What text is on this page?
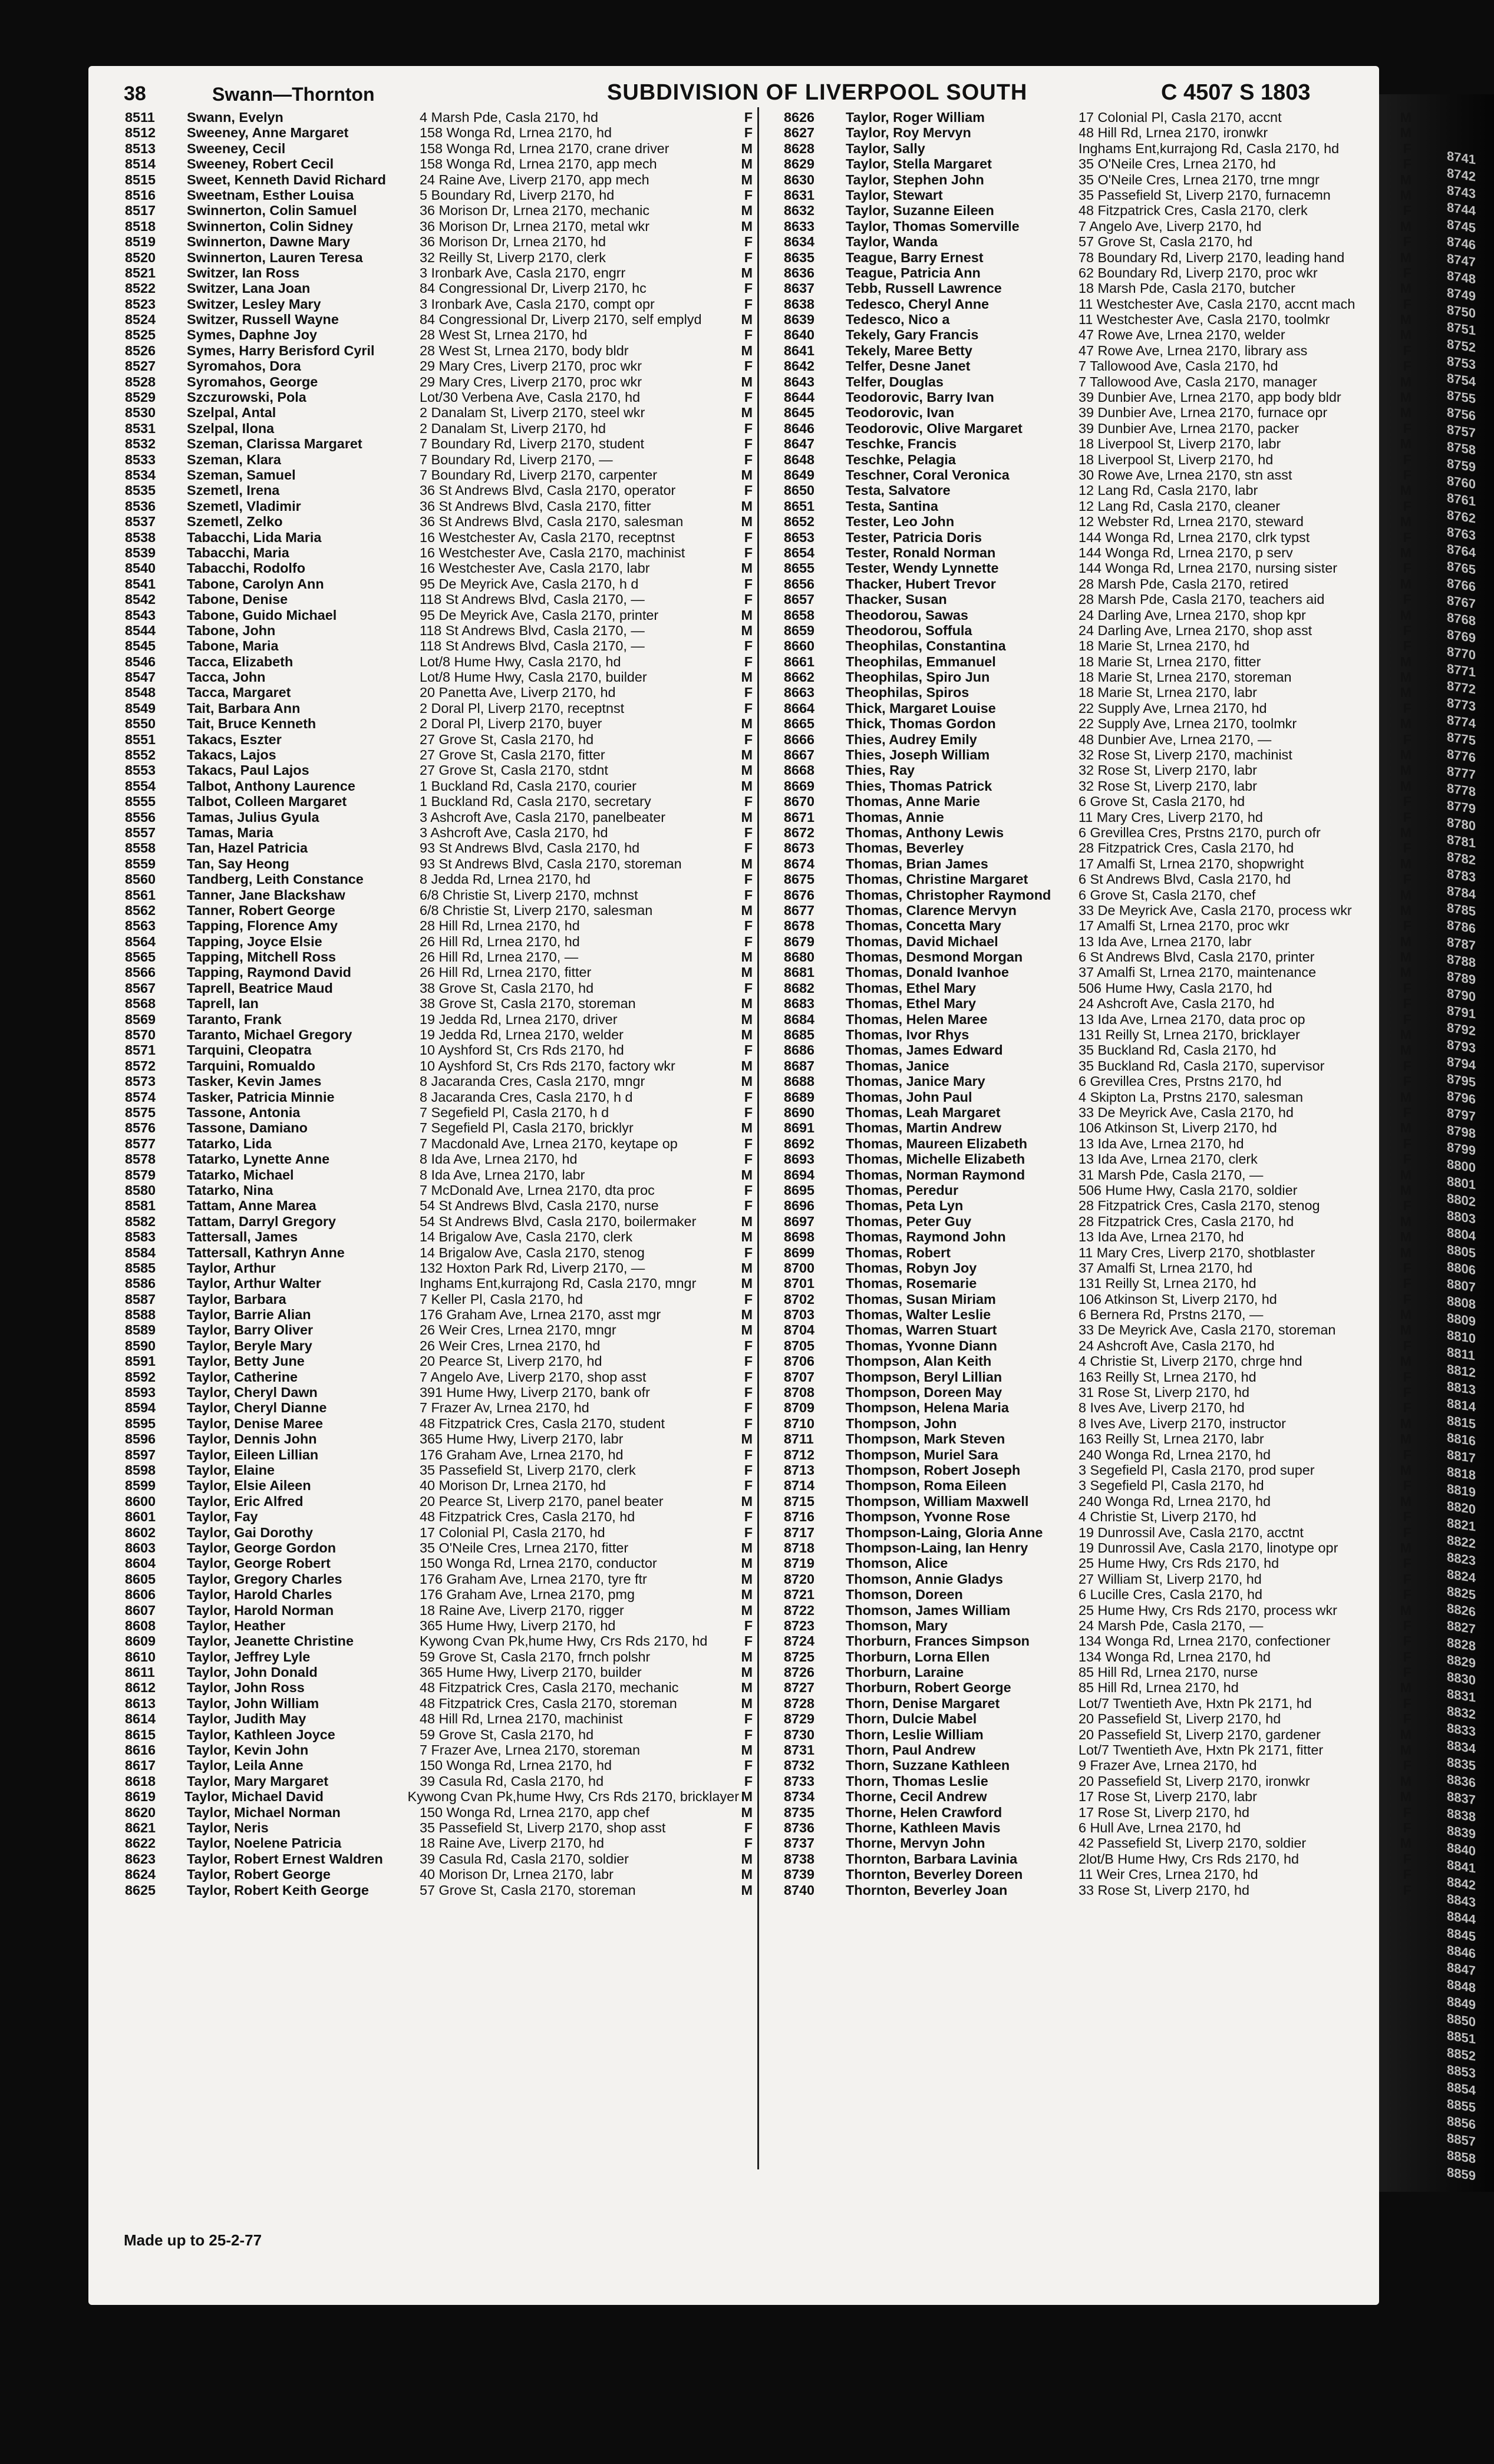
8741
8742
8743
8744
8745
8746
8747
8748
8749
8750
8751
8752
8753
8754
8755
8756
8757
8758
8759
8760
8761
8762
8763
8764
8765
8766
8767
8768
8769
8770
8771
8772
8773
8774
8775
8776
8777
8778
8779
8780
8781
8782
8783
8784
8785
8786
8787
8788
8789
8790
8791
8792
8793
8794
8795
8796
8797
8798
8799
8800
8801
8802
8803
8804
8805
8806
8807
8808
8809
8810
8811
8812
8813
8814
8815
8816
8817
8818
8819
8820
8821
8822
8823
8824
8825
8826
8827
8828
8829
8830
8831
8832
8833
8834
8835
8836
8837
8838
8839
8840
8841
8842
8843
8844
8845
8846
8847
8848
8849
8850
8851
8852
8853
8854
8855
8856
8857
8858
8859
38	Swann—Thornton	SUBDIVISION OF LIVERPOOL SOUTH	C 4507 S 1803
8511	Swann, Evelyn	4 Marsh Pde, Casla 2170, hd	F
8512	Sweeney, Anne Margaret	158 Wonga Rd, Lrnea 2170, hd	F
8513	Sweeney, Cecil	158 Wonga Rd, Lrnea 2170, crane driver	M
8514	Sweeney, Robert Cecil	158 Wonga Rd, Lrnea 2170, app mech	M
8515	Sweet, Kenneth David Richard	24 Raine Ave, Liverp 2170, app mech	M
8516	Sweetnam, Esther Louisa	5 Boundary Rd, Liverp 2170, hd	F
8517	Swinnerton, Colin Samuel	36 Morison Dr, Lrnea 2170, mechanic	M
8518	Swinnerton, Colin Sidney	36 Morison Dr, Lrnea 2170, metal wkr	M
8519	Swinnerton, Dawne Mary	36 Morison Dr, Lrnea 2170, hd	F
8520	Swinnerton, Lauren Teresa	32 Reilly St, Liverp 2170, clerk	F
8521	Switzer, Ian Ross	3 Ironbark Ave, Casla 2170, engrr	M
8522	Switzer, Lana Joan	84 Congressional Dr, Liverp 2170, hc	F
8523	Switzer, Lesley Mary	3 Ironbark Ave, Casla 2170, compt opr	F
8524	Switzer, Russell Wayne	84 Congressional Dr, Liverp 2170, self emplyd	M
8525	Symes, Daphne Joy	28 West St, Lrnea 2170, hd	F
8526	Symes, Harry Berisford Cyril	28 West St, Lrnea 2170, body bldr	M
8527	Syromahos, Dora	29 Mary Cres, Liverp 2170, proc wkr	F
8528	Syromahos, George	29 Mary Cres, Liverp 2170, proc wkr	M
8529	Szczurowski, Pola	Lot/30 Verbena Ave, Casla 2170, hd	F
8530	Szelpal, Antal	2 Danalam St, Liverp 2170, steel wkr	M
8531	Szelpal, Ilona	2 Danalam St, Liverp 2170, hd	F
8532	Szeman, Clarissa Margaret	7 Boundary Rd, Liverp 2170, student	F
8533	Szeman, Klara	7 Boundary Rd, Liverp 2170, —	F
8534	Szeman, Samuel	7 Boundary Rd, Liverp 2170, carpenter	M
8535	Szemetl, Irena	36 St Andrews Blvd, Casla 2170, operator	F
8536	Szemetl, Vladimir	36 St Andrews Blvd, Casla 2170, fitter	M
8537	Szemetl, Zelko	36 St Andrews Blvd, Casla 2170, salesman	M
8538	Tabacchi, Lida Maria	16 Westchester Av, Casla 2170, receptnst	F
8539	Tabacchi, Maria	16 Westchester Ave, Casla 2170, machinist	F
8540	Tabacchi, Rodolfo	16 Westchester Ave, Casla 2170, labr	M
8541	Tabone, Carolyn Ann	95 De Meyrick Ave, Casla 2170, h d	F
8542	Tabone, Denise	118 St Andrews Blvd, Casla 2170, —	F
8543	Tabone, Guido Michael	95 De Meyrick Ave, Casla 2170, printer	M
8544	Tabone, John	118 St Andrews Blvd, Casla 2170, —	M
8545	Tabone, Maria	118 St Andrews Blvd, Casla 2170, —	F
8546	Tacca, Elizabeth	Lot/8 Hume Hwy, Casla 2170, hd	F
8547	Tacca, John	Lot/8 Hume Hwy, Casla 2170, builder	M
8548	Tacca, Margaret	20 Panetta Ave, Liverp 2170, hd	F
8549	Tait, Barbara Ann	2 Doral Pl, Liverp 2170, receptnst	F
8550	Tait, Bruce Kenneth	2 Doral Pl, Liverp 2170, buyer	M
8551	Takacs, Eszter	27 Grove St, Casla 2170, hd	F
8552	Takacs, Lajos	27 Grove St, Casla 2170, fitter	M
8553	Takacs, Paul Lajos	27 Grove St, Casla 2170, stdnt	M
8554	Talbot, Anthony Laurence	1 Buckland Rd, Casla 2170, courier	M
8555	Talbot, Colleen Margaret	1 Buckland Rd, Casla 2170, secretary	F
8556	Tamas, Julius Gyula	3 Ashcroft Ave, Casla 2170, panelbeater	M
8557	Tamas, Maria	3 Ashcroft Ave, Casla 2170, hd	F
8558	Tan, Hazel Patricia	93 St Andrews Blvd, Casla 2170, hd	F
8559	Tan, Say Heong	93 St Andrews Blvd, Casla 2170, storeman	M
8560	Tandberg, Leith Constance	8 Jedda Rd, Lrnea 2170, hd	F
8561	Tanner, Jane Blackshaw	6/8 Christie St, Liverp 2170, mchnst	F
8562	Tanner, Robert George	6/8 Christie St, Liverp 2170, salesman	M
8563	Tapping, Florence Amy	28 Hill Rd, Lrnea 2170, hd	F
8564	Tapping, Joyce Elsie	26 Hill Rd, Lrnea 2170, hd	F
8565	Tapping, Mitchell Ross	26 Hill Rd, Lrnea 2170, —	M
8566	Tapping, Raymond David	26 Hill Rd, Lrnea 2170, fitter	M
8567	Taprell, Beatrice Maud	38 Grove St, Casla 2170, hd	F
8568	Taprell, Ian	38 Grove St, Casla 2170, storeman	M
8569	Taranto, Frank	19 Jedda Rd, Lrnea 2170, driver	M
8570	Taranto, Michael Gregory	19 Jedda Rd, Lrnea 2170, welder	M
8571	Tarquini, Cleopatra	10 Ayshford St, Crs Rds 2170, hd	F
8572	Tarquini, Romualdo	10 Ayshford St, Crs Rds 2170, factory wkr	M
8573	Tasker, Kevin James	8 Jacaranda Cres, Casla 2170, mngr	M
8574	Tasker, Patricia Minnie	8 Jacaranda Cres, Casla 2170, h d	F
8575	Tassone, Antonia	7 Segefield Pl, Casla 2170, h d	F
8576	Tassone, Damiano	7 Segefield Pl, Casla 2170, bricklyr	M
8577	Tatarko, Lida	7 Macdonald Ave, Lrnea 2170, keytape op	F
8578	Tatarko, Lynette Anne	8 Ida Ave, Lrnea 2170, hd	F
8579	Tatarko, Michael	8 Ida Ave, Lrnea 2170, labr	M
8580	Tatarko, Nina	7 McDonald Ave, Lrnea 2170, dta proc	F
8581	Tattam, Anne Marea	54 St Andrews Blvd, Casla 2170, nurse	F
8582	Tattam, Darryl Gregory	54 St Andrews Blvd, Casla 2170, boilermaker	M
8583	Tattersall, James	14 Brigalow Ave, Casla 2170, clerk	M
8584	Tattersall, Kathryn Anne	14 Brigalow Ave, Casla 2170, stenog	F
8585	Taylor, Arthur	132 Hoxton Park Rd, Liverp 2170, —	M
8586	Taylor, Arthur Walter	Inghams Ent,kurrajong Rd, Casla 2170, mngr	M
8587	Taylor, Barbara	7 Keller Pl, Casla 2170, hd	F
8588	Taylor, Barrie Alian	176 Graham Ave, Lrnea 2170, asst mgr	M
8589	Taylor, Barry Oliver	26 Weir Cres, Lrnea 2170, mngr	M
8590	Taylor, Beryle Mary	26 Weir Cres, Lrnea 2170, hd	F
8591	Taylor, Betty June	20 Pearce St, Liverp 2170, hd	F
8592	Taylor, Catherine	7 Angelo Ave, Liverp 2170, shop asst	F
8593	Taylor, Cheryl Dawn	391 Hume Hwy, Liverp 2170, bank ofr	F
8594	Taylor, Cheryl Dianne	7 Frazer Av, Lrnea 2170, hd	F
8595	Taylor, Denise Maree	48 Fitzpatrick Cres, Casla 2170, student	F
8596	Taylor, Dennis John	365 Hume Hwy, Liverp 2170, labr	M
8597	Taylor, Eileen Lillian	176 Graham Ave, Lrnea 2170, hd	F
8598	Taylor, Elaine	35 Passefield St, Liverp 2170, clerk	F
8599	Taylor, Elsie Aileen	40 Morison Dr, Lrnea 2170, hd	F
8600	Taylor, Eric Alfred	20 Pearce St, Liverp 2170, panel beater	M
8601	Taylor, Fay	48 Fitzpatrick Cres, Casla 2170, hd	F
8602	Taylor, Gai Dorothy	17 Colonial Pl, Casla 2170, hd	F
8603	Taylor, George Gordon	35 O'Neile Cres, Lrnea 2170, fitter	M
8604	Taylor, George Robert	150 Wonga Rd, Lrnea 2170, conductor	M
8605	Taylor, Gregory Charles	176 Graham Ave, Lrnea 2170, tyre ftr	M
8606	Taylor, Harold Charles	176 Graham Ave, Lrnea 2170, pmg	M
8607	Taylor, Harold Norman	18 Raine Ave, Liverp 2170, rigger	M
8608	Taylor, Heather	365 Hume Hwy, Liverp 2170, hd	F
8609	Taylor, Jeanette Christine	Kywong Cvan Pk,hume Hwy, Crs Rds 2170, hd	F
8610	Taylor, Jeffrey Lyle	59 Grove St, Casla 2170, frnch polshr	M
8611	Taylor, John Donald	365 Hume Hwy, Liverp 2170, builder	M
8612	Taylor, John Ross	48 Fitzpatrick Cres, Casla 2170, mechanic	M
8613	Taylor, John William	48 Fitzpatrick Cres, Casla 2170, storeman	M
8614	Taylor, Judith May	48 Hill Rd, Lrnea 2170, machinist	F
8615	Taylor, Kathleen Joyce	59 Grove St, Casla 2170, hd	F
8616	Taylor, Kevin John	7 Frazer Ave, Lrnea 2170, storeman	M
8617	Taylor, Leila Anne	150 Wonga Rd, Lrnea 2170, hd	F
8618	Taylor, Mary Margaret	39 Casula Rd, Casla 2170, hd	F
8619	Taylor, Michael David	Kywong Cvan Pk,hume Hwy, Crs Rds 2170, bricklayer M
8620	Taylor, Michael Norman	150 Wonga Rd, Lrnea 2170, app chef	M
8621	Taylor, Neris	35 Passefield St, Liverp 2170, shop asst	F
8622	Taylor, Noelene Patricia	18 Raine Ave, Liverp 2170, hd	F
8623	Taylor, Robert Ernest Waldren	39 Casula Rd, Casla 2170, soldier	M
8624	Taylor, Robert George	40 Morison Dr, Lrnea 2170, labr	M
8625	Taylor, Robert Keith George	57 Grove St, Casla 2170, storeman	M
8626	Taylor, Roger William	17 Colonial Pl, Casla 2170, accnt	M
8627	Taylor, Roy Mervyn	48 Hill Rd, Lrnea 2170, ironwkr	M
8628	Taylor, Sally	Inghams Ent,kurrajong Rd, Casla 2170, hd	F
8629	Taylor, Stella Margaret	35 O'Neile Cres, Lrnea 2170, hd	F
8630	Taylor, Stephen John	35 O'Neile Cres, Lrnea 2170, trne mngr	M
8631	Taylor, Stewart	35 Passefield St, Liverp 2170, furnacemn	M
8632	Taylor, Suzanne Eileen	48 Fitzpatrick Cres, Casla 2170, clerk	F
8633	Taylor, Thomas Somerville	7 Angelo Ave, Liverp 2170, hd	M
8634	Taylor, Wanda	57 Grove St, Casla 2170, hd	F
8635	Teague, Barry Ernest	78 Boundary Rd, Liverp 2170, leading hand	M
8636	Teague, Patricia Ann	62 Boundary Rd, Liverp 2170, proc wkr	F
8637	Tebb, Russell Lawrence	18 Marsh Pde, Casla 2170, butcher	M
8638	Tedesco, Cheryl Anne	11 Westchester Ave, Casla 2170, accnt mach	F
8639	Tedesco, Nico a	11 Westchester Ave, Casla 2170, toolmkr	M
8640	Tekely, Gary Francis	47 Rowe Ave, Lrnea 2170, welder	M
8641	Tekely, Maree Betty	47 Rowe Ave, Lrnea 2170, library ass	F
8642	Telfer, Desne Janet	7 Tallowood Ave, Casla 2170, hd	F
8643	Telfer, Douglas	7 Tallowood Ave, Casla 2170, manager	M
8644	Teodorovic, Barry Ivan	39 Dunbier Ave, Lrnea 2170, app body bldr	M
8645	Teodorovic, Ivan	39 Dunbier Ave, Lrnea 2170, furnace opr	M
8646	Teodorovic, Olive Margaret	39 Dunbier Ave, Lrnea 2170, packer	F
8647	Teschke, Francis	18 Liverpool St, Liverp 2170, labr	M
8648	Teschke, Pelagia	18 Liverpool St, Liverp 2170, hd	F
8649	Teschner, Coral Veronica	30 Rowe Ave, Lrnea 2170, stn asst	F
8650	Testa, Salvatore	12 Lang Rd, Casla 2170, labr	M
8651	Testa, Santina	12 Lang Rd, Casla 2170, cleaner	F
8652	Tester, Leo John	12 Webster Rd, Lrnea 2170, steward	M
8653	Tester, Patricia Doris	144 Wonga Rd, Lrnea 2170, clrk typst	F
8654	Tester, Ronald Norman	144 Wonga Rd, Lrnea 2170, p serv	M
8655	Tester, Wendy Lynnette	144 Wonga Rd, Lrnea 2170, nursing sister	F
8656	Thacker, Hubert Trevor	28 Marsh Pde, Casla 2170, retired	M
8657	Thacker, Susan	28 Marsh Pde, Casla 2170, teachers aid	F
8658	Theodorou, Sawas	24 Darling Ave, Lrnea 2170, shop kpr	M
8659	Theodorou, Soffula	24 Darling Ave, Lrnea 2170, shop asst	F
8660	Theophilas, Constantina	18 Marie St, Lrnea 2170, hd	F
8661	Theophilas, Emmanuel	18 Marie St, Lrnea 2170, fitter	M
8662	Theophilas, Spiro Jun	18 Marie St, Lrnea 2170, storeman	M
8663	Theophilas, Spiros	18 Marie St, Lrnea 2170, labr	M
8664	Thick, Margaret Louise	22 Supply Ave, Lrnea 2170, hd	F
8665	Thick, Thomas Gordon	22 Supply Ave, Lrnea 2170, toolmkr	M
8666	Thies, Audrey Emily	48 Dunbier Ave, Lrnea 2170, —	F
8667	Thies, Joseph William	32 Rose St, Liverp 2170, machinist	M
8668	Thies, Ray	32 Rose St, Liverp 2170, labr	M
8669	Thies, Thomas Patrick	32 Rose St, Liverp 2170, labr	M
8670	Thomas, Anne Marie	6 Grove St, Casla 2170, hd	F
8671	Thomas, Annie	11 Mary Cres, Liverp 2170, hd	F
8672	Thomas, Anthony Lewis	6 Grevillea Cres, Prstns 2170, purch ofr	M
8673	Thomas, Beverley	28 Fitzpatrick Cres, Casla 2170, hd	F
8674	Thomas, Brian James	17 Amalfi St, Lrnea 2170, shopwright	M
8675	Thomas, Christine Margaret	6 St Andrews Blvd, Casla 2170, hd	F
8676	Thomas, Christopher Raymond	6 Grove St, Casla 2170, chef	M
8677	Thomas, Clarence Mervyn	33 De Meyrick Ave, Casla 2170, process wkr	M
8678	Thomas, Concetta Mary	17 Amalfi St, Lrnea 2170, proc wkr	F
8679	Thomas, David Michael	13 Ida Ave, Lrnea 2170, labr	M
8680	Thomas, Desmond Morgan	6 St Andrews Blvd, Casla 2170, printer	M
8681	Thomas, Donald Ivanhoe	37 Amalfi St, Lrnea 2170, maintenance	M
8682	Thomas, Ethel Mary	506 Hume Hwy, Casla 2170, hd	F
8683	Thomas, Ethel Mary	24 Ashcroft Ave, Casla 2170, hd	F
8684	Thomas, Helen Maree	13 Ida Ave, Lrnea 2170, data proc op	F
8685	Thomas, Ivor Rhys	131 Reilly St, Lrnea 2170, bricklayer	M
8686	Thomas, James Edward	35 Buckland Rd, Casla 2170, hd	M
8687	Thomas, Janice	35 Buckland Rd, Casla 2170, supervisor	F
8688	Thomas, Janice Mary	6 Grevillea Cres, Prstns 2170, hd	F
8689	Thomas, John Paul	4 Skipton La, Prstns 2170, salesman	M
8690	Thomas, Leah Margaret	33 De Meyrick Ave, Casla 2170, hd	F
8691	Thomas, Martin Andrew	106 Atkinson St, Liverp 2170, hd	M
8692	Thomas, Maureen Elizabeth	13 Ida Ave, Lrnea 2170, hd	F
8693	Thomas, Michelle Elizabeth	13 Ida Ave, Lrnea 2170, clerk	F
8694	Thomas, Norman Raymond	31 Marsh Pde, Casla 2170, —	M
8695	Thomas, Peredur	506 Hume Hwy, Casla 2170, soldier	M
8696	Thomas, Peta Lyn	28 Fitzpatrick Cres, Casla 2170, stenog	F
8697	Thomas, Peter Guy	28 Fitzpatrick Cres, Casla 2170, hd	M
8698	Thomas, Raymond John	13 Ida Ave, Lrnea 2170, hd	M
8699	Thomas, Robert	11 Mary Cres, Liverp 2170, shotblaster	M
8700	Thomas, Robyn Joy	37 Amalfi St, Lrnea 2170, hd	F
8701	Thomas, Rosemarie	131 Reilly St, Lrnea 2170, hd	F
8702	Thomas, Susan Miriam	106 Atkinson St, Liverp 2170, hd	F
8703	Thomas, Walter Leslie	6 Bernera Rd, Prstns 2170, —	M
8704	Thomas, Warren Stuart	33 De Meyrick Ave, Casla 2170, storeman	M
8705	Thomas, Yvonne Diann	24 Ashcroft Ave, Casla 2170, hd	F
8706	Thompson, Alan Keith	4 Christie St, Liverp 2170, chrge hnd	M
8707	Thompson, Beryl Lillian	163 Reilly St, Lrnea 2170, hd	F
8708	Thompson, Doreen May	31 Rose St, Liverp 2170, hd	F
8709	Thompson, Helena Maria	8 Ives Ave, Liverp 2170, hd	F
8710	Thompson, John	8 Ives Ave, Liverp 2170, instructor	M
8711	Thompson, Mark Steven	163 Reilly St, Lrnea 2170, labr	M
8712	Thompson, Muriel Sara	240 Wonga Rd, Lrnea 2170, hd	F
8713	Thompson, Robert Joseph	3 Segefield Pl, Casla 2170, prod super	M
8714	Thompson, Roma Eileen	3 Segefield Pl, Casla 2170, hd	F
8715	Thompson, William Maxwell	240 Wonga Rd, Lrnea 2170, hd	M
8716	Thompson, Yvonne Rose	4 Christie St, Liverp 2170, hd	F
8717	Thompson-Laing, Gloria Anne	19 Dunrossil Ave, Casla 2170, acctnt	F
8718	Thompson-Laing, Ian Henry	19 Dunrossil Ave, Casla 2170, linotype opr	M
8719	Thomson, Alice	25 Hume Hwy, Crs Rds 2170, hd	F
8720	Thomson, Annie Gladys	27 William St, Liverp 2170, hd	F
8721	Thomson, Doreen	6 Lucille Cres, Casla 2170, hd	F
8722	Thomson, James William	25 Hume Hwy, Crs Rds 2170, process wkr	M
8723	Thomson, Mary	24 Marsh Pde, Casla 2170, —	F
8724	Thorburn, Frances Simpson	134 Wonga Rd, Lrnea 2170, confectioner	F
8725	Thorburn, Lorna Ellen	134 Wonga Rd, Lrnea 2170, hd	F
8726	Thorburn, Laraine	85 Hill Rd, Lrnea 2170, nurse	F
8727	Thorburn, Robert George	85 Hill Rd, Lrnea 2170, hd	M
8728	Thorn, Denise Margaret	Lot/7 Twentieth Ave, Hxtn Pk 2171, hd	F
8729	Thorn, Dulcie Mabel	20 Passefield St, Liverp 2170, hd	F
8730	Thorn, Leslie William	20 Passefield St, Liverp 2170, gardener	M
8731	Thorn, Paul Andrew	Lot/7 Twentieth Ave, Hxtn Pk 2171, fitter	M
8732	Thorn, Suzzane Kathleen	9 Frazer Ave, Lrnea 2170, hd	F
8733	Thorn, Thomas Leslie	20 Passefield St, Liverp 2170, ironwkr	M
8734	Thorne, Cecil Andrew	17 Rose St, Liverp 2170, labr	M
8735	Thorne, Helen Crawford	17 Rose St, Liverp 2170, hd	F
8736	Thorne, Kathleen Mavis	6 Hull Ave, Lrnea 2170, hd	F
8737	Thorne, Mervyn John	42 Passefield St, Liverp 2170, soldier	M
8738	Thornton, Barbara Lavinia	2lot/B Hume Hwy, Crs Rds 2170, hd	F
8739	Thornton, Beverley Doreen	11 Weir Cres, Lrnea 2170, hd	F
8740	Thornton, Beverley Joan	33 Rose St, Liverp 2170, hd	F
Made up to 25-2-77
